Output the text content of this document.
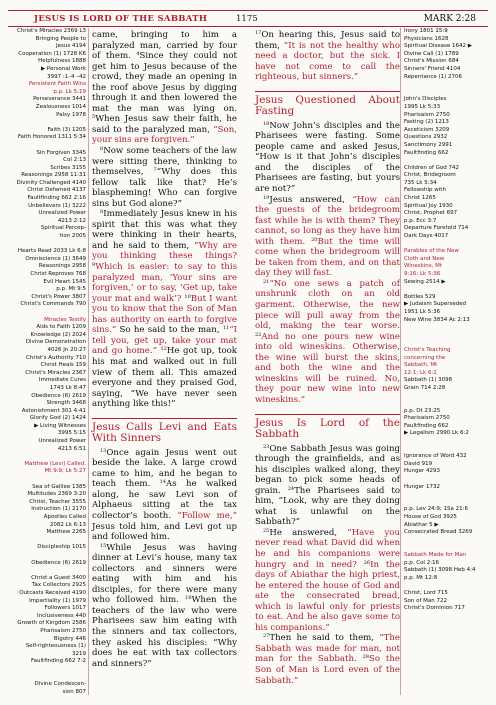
JESUS IS LORD OF THE SABBATH	1175	MARK 2:28
Christ's Miracles 2369 L3
Bringing People to
Jesus 4194
Cooperation (1) 1728 K6
Helpfulness 1888
▶ Personal Work
3997 :1–4 –42
Persistent Faith Wins
p.p. Lk 5:19
Perseverance 3441
Zealousness 1014
Palsy 1978

Faith (3) 1205
Faith Honored 1311 5:34

Sin Forgiven 3345
Col 2:13
Scribes 3155
Reasonings 2958 11:31
Divinity Challenged 4140
Christ Defamed 4137
Faultfinding 662 2:16
Unbelievers (1) 3222
Unrealized Power
4213 2:12
Spiritual Percep-
tion 2005

Hearts Read 2033 Lk 6:8
Omniscience (1) 3649
Reasonings 2958
Christ Reproves 768
Evil Heart 1545
p.p. Mt 9:5
Christ's Power 3807
Christ's Commands 790

Miracles Testify
Aids to Faith 1209
Knowledge (2) 2024
Divine Demonstration
4026 Jn 20:27
Christ's Authority 710
Christ Heals 159
Christ's Miracles 2367
Immediate Cures
1743 Lk 8:47
Obedience (6) 2619
Strength 3468
Astonishment 301 4:41
Glorify God (2) 1424
▶ Living Witnesses
3995 5:15
Unrealized Power
4213 6:51

Matthew (Levi) Called,
Mt 9:9; Lk 5:27

Sea of Galilee 1385
Multitudes 2369 3:20
Christ, Teacher 3555
Instruction (1) 2170
Apostles Called
2082 Lk 6:13
Matthew 2265

Discipleship 1015

Obedience (6) 2619

Christ a Guest 3400
Tax Collectors 2925
Outcasts Received 4190
Impartiality (1) 1979
Followers 1017
Inclusiveness 440
Growth of Kingdom 2586
Pharisaism 2750
Bigotry 446
Self-righteousness (1)
3219
Faultfinding 662 7:2

Divine Condescen-
sion 807

came, bringing to him a paralyzed man, carried by four of them. $^4$Since they could not get him to Jesus because of the crowd, they made an opening in the roof above Jesus by digging through it and then lowered the mat the man was lying on. $^5$When Jesus saw their faith, he said to the paralyzed man, “Son, your sins are forgiven.”

$^6$Now some teachers of the law were sitting there, thinking to themselves, $^7$“Why does this fellow talk like that? He’s blaspheming! Who can forgive sins but God alone?”

$^8$Immediately Jesus knew in his spirit that this was what they were thinking in their hearts, and he said to them, “Why are you thinking these things? $^9$Which is easier: to say to this paralyzed man, ‘Your sins are forgiven,’ or to say, ‘Get up, take your mat and walk’? $^{10}$But I want you to know that the Son of Man has authority on earth to forgive sins.” So he said to the man, $^{11}$“I tell you, get up, take your mat and go home.” $^{12}$He got up, took his mat and walked out in full view of them all. This amazed everyone and they praised God, saying, “We have never seen anything like this!”

Jesus Calls Levi and Eats With Sinners

$^{13}$Once again Jesus went out beside the lake. A large crowd came to him, and he began to teach them. $^{14}$As he walked along, he saw Levi son of Alphaeus sitting at the tax collector’s booth. “Follow me,” Jesus told him, and Levi got up and followed him.

$^{15}$While Jesus was having dinner at Levi’s house, many tax collectors and sinners were eating with him and his disciples, for there were many who followed him. $^{16}$When the teachers of the law who were Pharisees saw him eating with the sinners and tax collectors, they asked his disciples: “Why does he eat with tax collectors and sinners?”

$^{17}$On hearing this, Jesus said to them, “It is not the healthy who need a doctor, but the sick. I have not come to call the righteous, but sinners.”

Jesus Questioned About Fasting

$^{18}$Now John’s disciples and the Pharisees were fasting. Some people came and asked Jesus, “How is it that John’s disciples and the disciples of the Pharisees are fasting, but yours are not?”

$^{19}$Jesus answered, “How can the guests of the bridegroom fast while he is with them? They cannot, so long as they have him with them. $^{20}$But the time will come when the bridegroom will be taken from them, and on that day they will fast.

$^{21}$“No one sews a patch of unshrunk cloth on an old garment. Otherwise, the new piece will pull away from the old, making the tear worse. $^{22}$And no one pours new wine into old wineskins. Otherwise, the wine will burst the skins, and both the wine and the wineskins will be ruined. No, they pour new wine into new wineskins.”

Jesus Is Lord of the Sabbath

$^{23}$One Sabbath Jesus was going through the grainfields, and as his disciples walked along, they began to pick some heads of grain. $^{24}$The Pharisees said to him, “Look, why are they doing what is unlawful on the Sabbath?”

$^{25}$He answered, “Have you never read what David did when he and his companions were hungry and in need? $^{26}$In the days of Abiathar the high priest, he entered the house of God and ate the consecrated bread, which is lawful only for priests to eat. And he also gave some to his companions.”

$^{27}$Then he said to them, “The Sabbath was made for man, not man for the Sabbath. $^{28}$So the Son of Man is Lord even of the Sabbath.”

Irony 1801 15:9
Physicians 1628
Spiritual Disease 1642 ▶
Divine Call (1) 1789
Christ's Mission 684
Sinners' Friend 4104
Repentance (1) 2706

John's Disciples
1995 Lk 5:33
Pharisaism 2750
Fasting (2) 1213
Asceticism 3209
Questions 2932
Sanctimony 2991
Faultfinding 662

Children of God 742
Christ, Bridegroom
735 Lk 5:34
Fellowship with
Christ 1265
Spiritual Joy 1930
Christ, Prophet 697
p.p. Ecc 3:7
Departure Foretold 714
Dark Days 4017

Parables of the New
Cloth and New
Wineskins, Mt
9:16; Lk 5:36
Sewing 2514 ▶

Bottles 529
▶ Judaism Superseded
1951 Lk 5:36
New Wine 3834 Ac 2:13

Christ's Teaching
concerning the
Sabbath, Mt
12:1; Lk 6:1
Sabbath (1) 3098
Grain 714 2:28

p.p. Dt 23:25
Pharisaism 2750
Faultfinding 662
▶ Legalism 2990 Lk 6:2

Ignorance of Word 432
David 919
Hunger 4293

Hunger 1732

p.p. Lev 24:9; 1Sa 21:6
House of God 3925
Abiathar 5 ▶
Consecrated Bread 3269

Sabbath Made for Man
p.p. Col 2:16
Sabbath (1) 3098 Heb 4:4
p.p. Mt 12:8

Christ, Lord 715
Son of Man 722
Christ's Dominion 717
